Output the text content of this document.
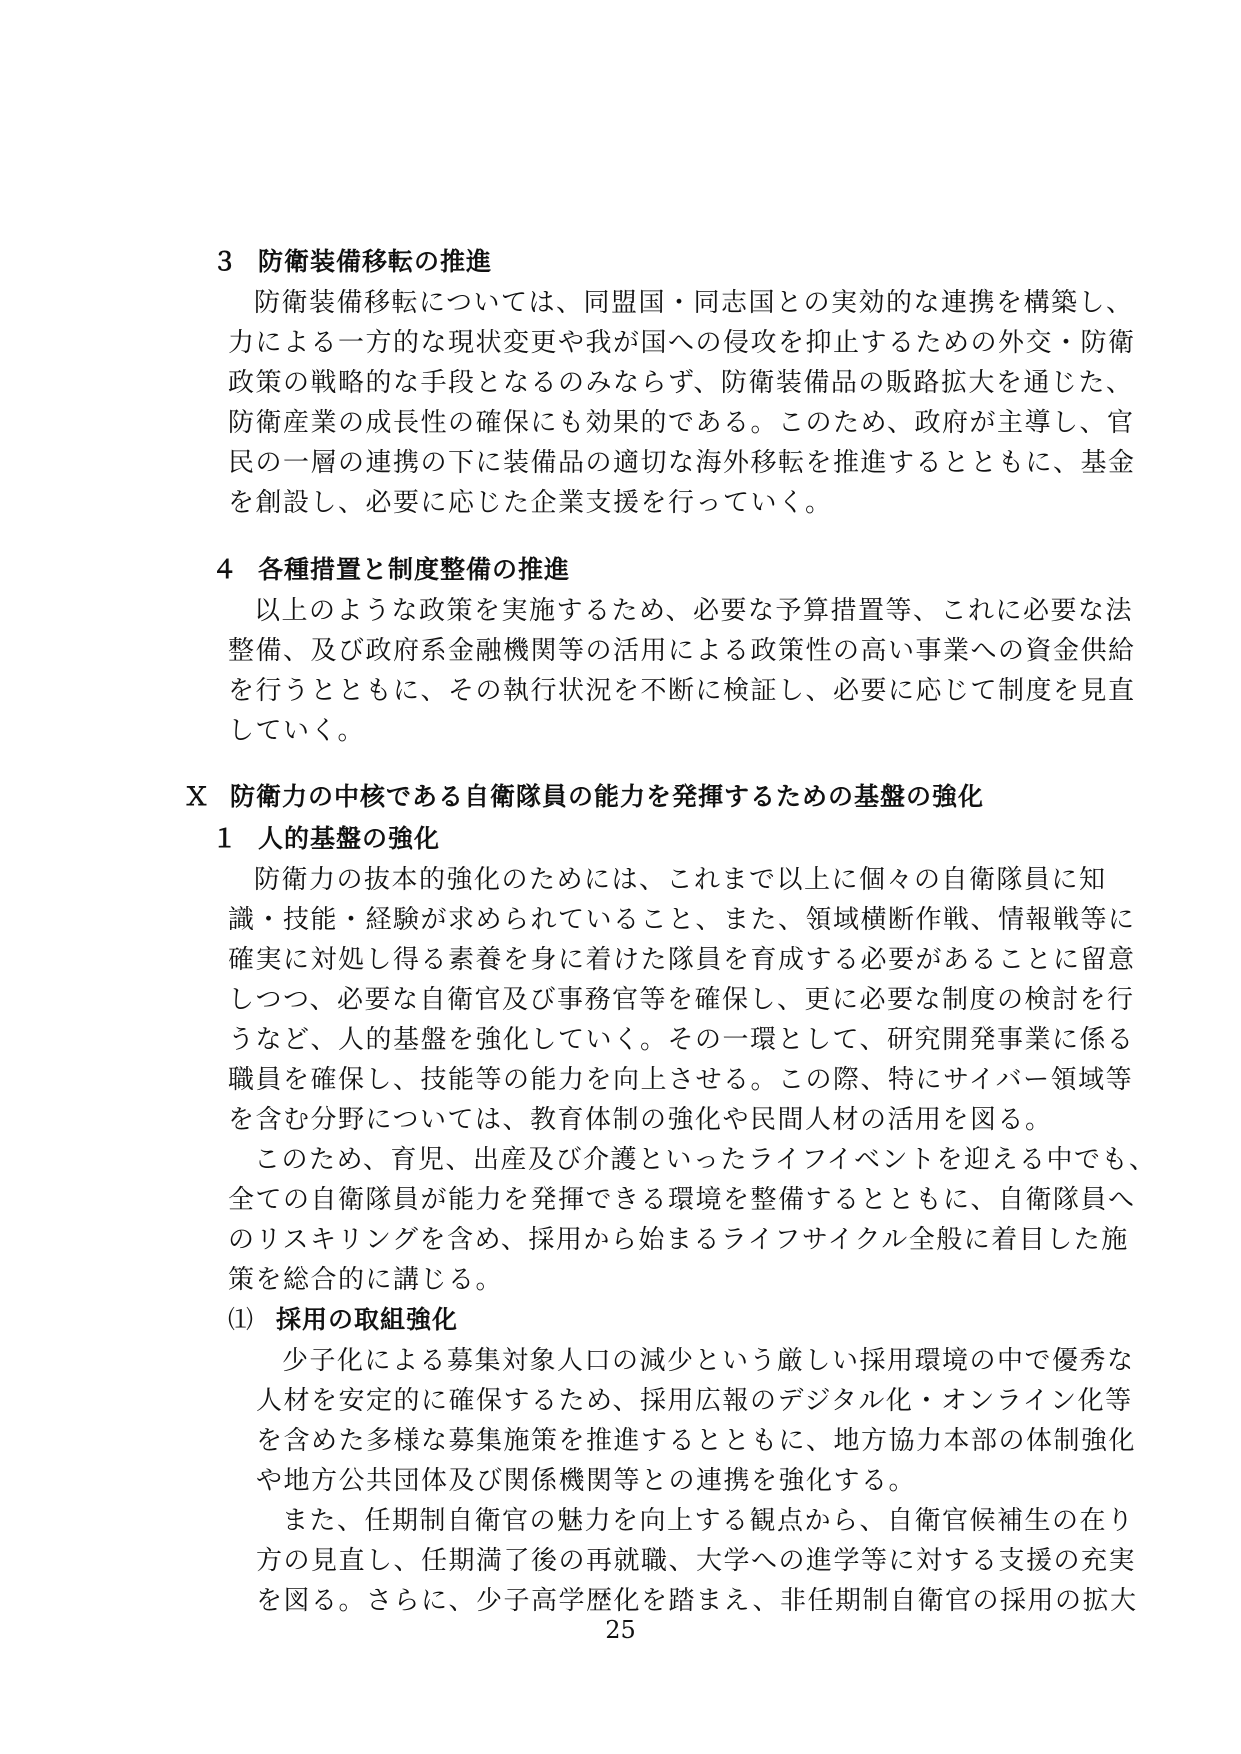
３ 防衛装備移転の推進
防衛装備移転については、同盟国・同志国との実効的な連携を構築し、
力による一方的な現状変更や我が国への侵攻を抑止するための外交・防衛
政策の戦略的な手段となるのみならず、防衛装備品の販路拡大を通じた、
防衛産業の成長性の確保にも効果的である。このため、政府が主導し、官
民の一層の連携の下に装備品の適切な海外移転を推進するとともに、基金
を創設し、必要に応じた企業支援を行っていく。
４ 各種措置と制度整備の推進
以上のような政策を実施するため、必要な予算措置等、これに必要な法
整備、及び政府系金融機関等の活用による政策性の高い事業への資金供給
を行うとともに、その執行状況を不断に検証し、必要に応じて制度を見直
していく。
Ｘ 防衛力の中核である自衛隊員の能力を発揮するための基盤の強化
１ 人的基盤の強化
防衛力の抜本的強化のためには、これまで以上に個々の自衛隊員に知
識・技能・経験が求められていること、また、領域横断作戦、情報戦等に
確実に対処し得る素養を身に着けた隊員を育成する必要があることに留意
しつつ、必要な自衛官及び事務官等を確保し、更に必要な制度の検討を行
うなど、人的基盤を強化していく。その一環として、研究開発事業に係る
職員を確保し、技能等の能力を向上させる。この際、特にサイバー領域等
を含む分野については、教育体制の強化や民間人材の活用を図る。
このため、育児、出産及び介護といったライフイベントを迎える中でも、
全ての自衛隊員が能力を発揮できる環境を整備するとともに、自衛隊員へ
のリスキリングを含め、採用から始まるライフサイクル全般に着目した施
策を総合的に講じる。
⑴ 採用の取組強化
少子化による募集対象人口の減少という厳しい採用環境の中で優秀な
人材を安定的に確保するため、採用広報のデジタル化・オンライン化等
を含めた多様な募集施策を推進するとともに、地方協力本部の体制強化
や地方公共団体及び関係機関等との連携を強化する。
また、任期制自衛官の魅力を向上する観点から、自衛官候補生の在り
方の見直し、任期満了後の再就職、大学への進学等に対する支援の充実
を図る。さらに、少子高学歴化を踏まえ、非任期制自衛官の採用の拡大
25
